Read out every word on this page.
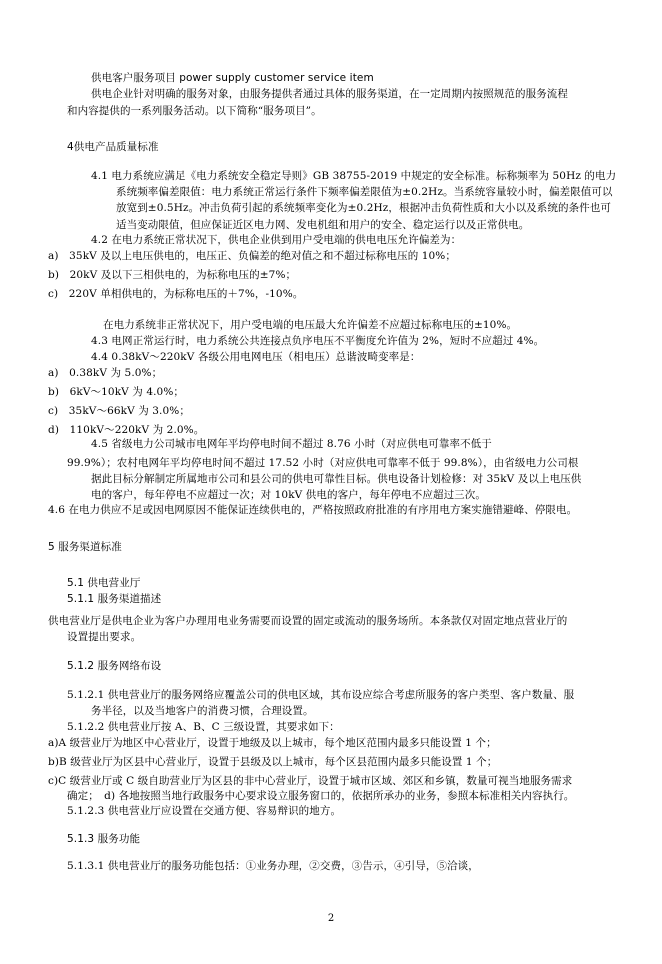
供电客户服务项目 power supply customer service item
供电企业针对明确的服务对象，由服务提供者通过具体的服务渠道，在一定周期内按照规范的服务流程
和内容提供的一系列服务活动。以下简称“服务项目”。
4供电产品质量标准
4.1 电力系统应满足《电力系统安全稳定导则》GB 38755-2019 中规定的安全标准。标称频率为 50Hz 的电力
系统频率偏差限值：电力系统正常运行条件下频率偏差限值为±0.2Hz。当系统容量较小时，偏差限值可以
放宽到±0.5Hz。冲击负荷引起的系统频率变化为±0.2Hz，根据冲击负荷性质和大小以及系统的条件也可
适当变动限值，但应保证近区电力网、发电机组和用户的安全、稳定运行以及正常供电。
4.2 在电力系统正常状况下，供电企业供到用户受电端的供电电压允许偏差为：
a)　35kV 及以上电压供电的，电压正、负偏差的绝对值之和不超过标称电压的 10%；
b)　20kV 及以下三相供电的，为标称电压的±7%；
c)　220V 单相供电的，为标称电压的＋7%，-10%。
在电力系统非正常状况下，用户受电端的电压最大允许偏差不应超过标称电压的±10%。
4.3 电网正常运行时，电力系统公共连接点负序电压不平衡度允许值为 2%，短时不应超过 4%。
4.4 0.38kV～220kV 各级公用电网电压（相电压）总谐波畸变率是：
a)　0.38kV 为 5.0%；
b)　6kV～10kV 为 4.0%；
c)　35kV～66kV 为 3.0%；
d)　110kV～220kV 为 2.0%。
4.5 省级电力公司城市电网年平均停电时间不超过 8.76 小时（对应供电可靠率不低于
99.9%）；农村电网年平均停电时间不超过 17.52 小时（对应供电可靠率不低于 99.8%），由省级电力公司根
据此目标分解制定所属地市公司和县公司的供电可靠性目标。供电设备计划检修：对 35kV 及以上电压供
电的客户，每年停电不应超过一次；对 10kV 供电的客户，每年停电不应超过三次。
4.6 在电力供应不足或因电网原因不能保证连续供电的，严格按照政府批准的有序用电方案实施错避峰、停限电。
5 服务渠道标准
5.1 供电营业厅
5.1.1 服务渠道描述
供电营业厅是供电企业为客户办理用电业务需要而设置的固定或流动的服务场所。本条款仅对固定地点营业厅的
设置提出要求。
5.1.2 服务网络布设
5.1.2.1 供电营业厅的服务网络应覆盖公司的供电区域，其布设应综合考虑所服务的客户类型、客户数量、服
务半径，以及当地客户的消费习惯，合理设置。
5.1.2.2 供电营业厅按 A、B、C 三级设置，其要求如下：
a)A 级营业厅为地区中心营业厅，设置于地级及以上城市，每个地区范围内最多只能设置 1 个；
b)B 级营业厅为区县中心营业厅，设置于县级及以上城市，每个区县范围内最多只能设置 1 个；
c)C 级营业厅或 C 级自助营业厅为区县的非中心营业厅，设置于城市区域、郊区和乡镇，数量可视当地服务需求
确定；　d) 各地按照当地行政服务中心要求设立服务窗口的，依据所承办的业务，参照本标准相关内容执行。
5.1.2.3 供电营业厅应设置在交通方便、容易辩识的地方。
5.1.3 服务功能
5.1.3.1 供电营业厅的服务功能包括：①业务办理，②交费，③告示，④引导，⑤洽谈，
2
